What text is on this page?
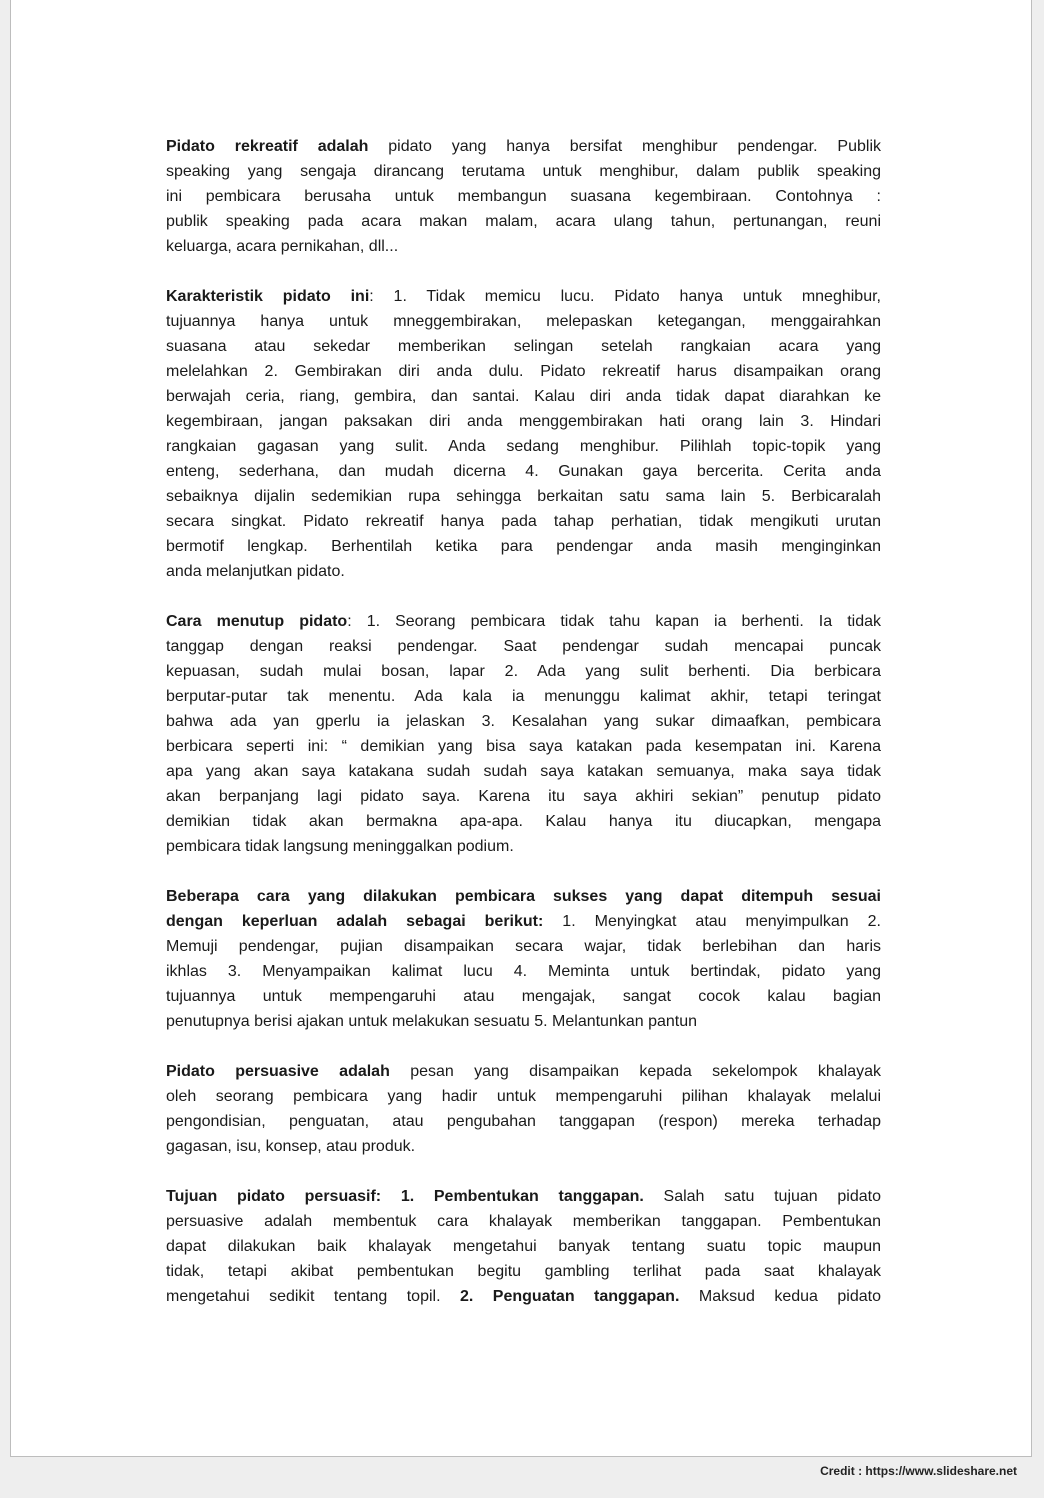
Pidato rekreatif adalah pidato yang hanya bersifat menghibur pendengar. Publik
speaking yang sengaja dirancang terutama untuk menghibur, dalam publik speaking
ini pembicara berusaha untuk membangun suasana kegembiraan. Contohnya :
publik speaking pada acara makan malam, acara ulang tahun, pertunangan, reuni
keluarga, acara pernikahan, dll...
Karakteristik pidato ini: 1. Tidak memicu lucu. Pidato hanya untuk mneghibur,
tujuannya hanya untuk mneggembirakan, melepaskan ketegangan, menggairahkan
suasana atau sekedar memberikan selingan setelah rangkaian acara yang
melelahkan 2. Gembirakan diri anda dulu. Pidato rekreatif harus disampaikan orang
berwajah ceria, riang, gembira, dan santai. Kalau diri anda tidak dapat diarahkan ke
kegembiraan, jangan paksakan diri anda menggembirakan hati orang lain 3. Hindari
rangkaian gagasan yang sulit. Anda sedang menghibur. Pilihlah topic-topik yang
enteng, sederhana, dan mudah dicerna 4. Gunakan gaya bercerita. Cerita anda
sebaiknya dijalin sedemikian rupa sehingga berkaitan satu sama lain 5. Berbicaralah
secara singkat. Pidato rekreatif hanya pada tahap perhatian, tidak mengikuti urutan
bermotif lengkap. Berhentilah ketika para pendengar anda masih menginginkan
anda melanjutkan pidato.
Cara menutup pidato: 1. Seorang pembicara tidak tahu kapan ia berhenti. Ia tidak
tanggap dengan reaksi pendengar. Saat pendengar sudah mencapai puncak
kepuasan, sudah mulai bosan, lapar 2. Ada yang sulit berhenti. Dia berbicara
berputar-putar tak menentu. Ada kala ia menunggu kalimat akhir, tetapi teringat
bahwa ada yan gperlu ia jelaskan 3. Kesalahan yang sukar dimaafkan, pembicara
berbicara seperti ini: “ demikian yang bisa saya katakan pada kesempatan ini. Karena
apa yang akan saya katakana sudah sudah saya katakan semuanya, maka saya tidak
akan berpanjang lagi pidato saya. Karena itu saya akhiri sekian” penutup pidato
demikian tidak akan bermakna apa-apa. Kalau hanya itu diucapkan, mengapa
pembicara tidak langsung meninggalkan podium.
Beberapa cara yang dilakukan pembicara sukses yang dapat ditempuh sesuai
dengan keperluan adalah sebagai berikut: 1. Menyingkat atau menyimpulkan 2.
Memuji pendengar, pujian disampaikan secara wajar, tidak berlebihan dan haris
ikhlas 3. Menyampaikan kalimat lucu 4. Meminta untuk bertindak, pidato yang
tujuannya untuk mempengaruhi atau mengajak, sangat cocok kalau bagian
penutupnya berisi ajakan untuk melakukan sesuatu 5. Melantunkan pantun
Pidato persuasive adalah pesan yang disampaikan kepada sekelompok khalayak
oleh seorang pembicara yang hadir untuk mempengaruhi pilihan khalayak melalui
pengondisian, penguatan, atau pengubahan tanggapan (respon) mereka terhadap
gagasan, isu, konsep, atau produk.
Tujuan pidato persuasif: 1. Pembentukan tanggapan. Salah satu tujuan pidato
persuasive adalah membentuk cara khalayak memberikan tanggapan. Pembentukan
dapat dilakukan baik khalayak mengetahui banyak tentang suatu topic maupun
tidak, tetapi akibat pembentukan begitu gambling terlihat pada saat khalayak
mengetahui sedikit tentang topil. 2. Penguatan tanggapan. Maksud kedua pidato
Credit : https://www.slideshare.net
